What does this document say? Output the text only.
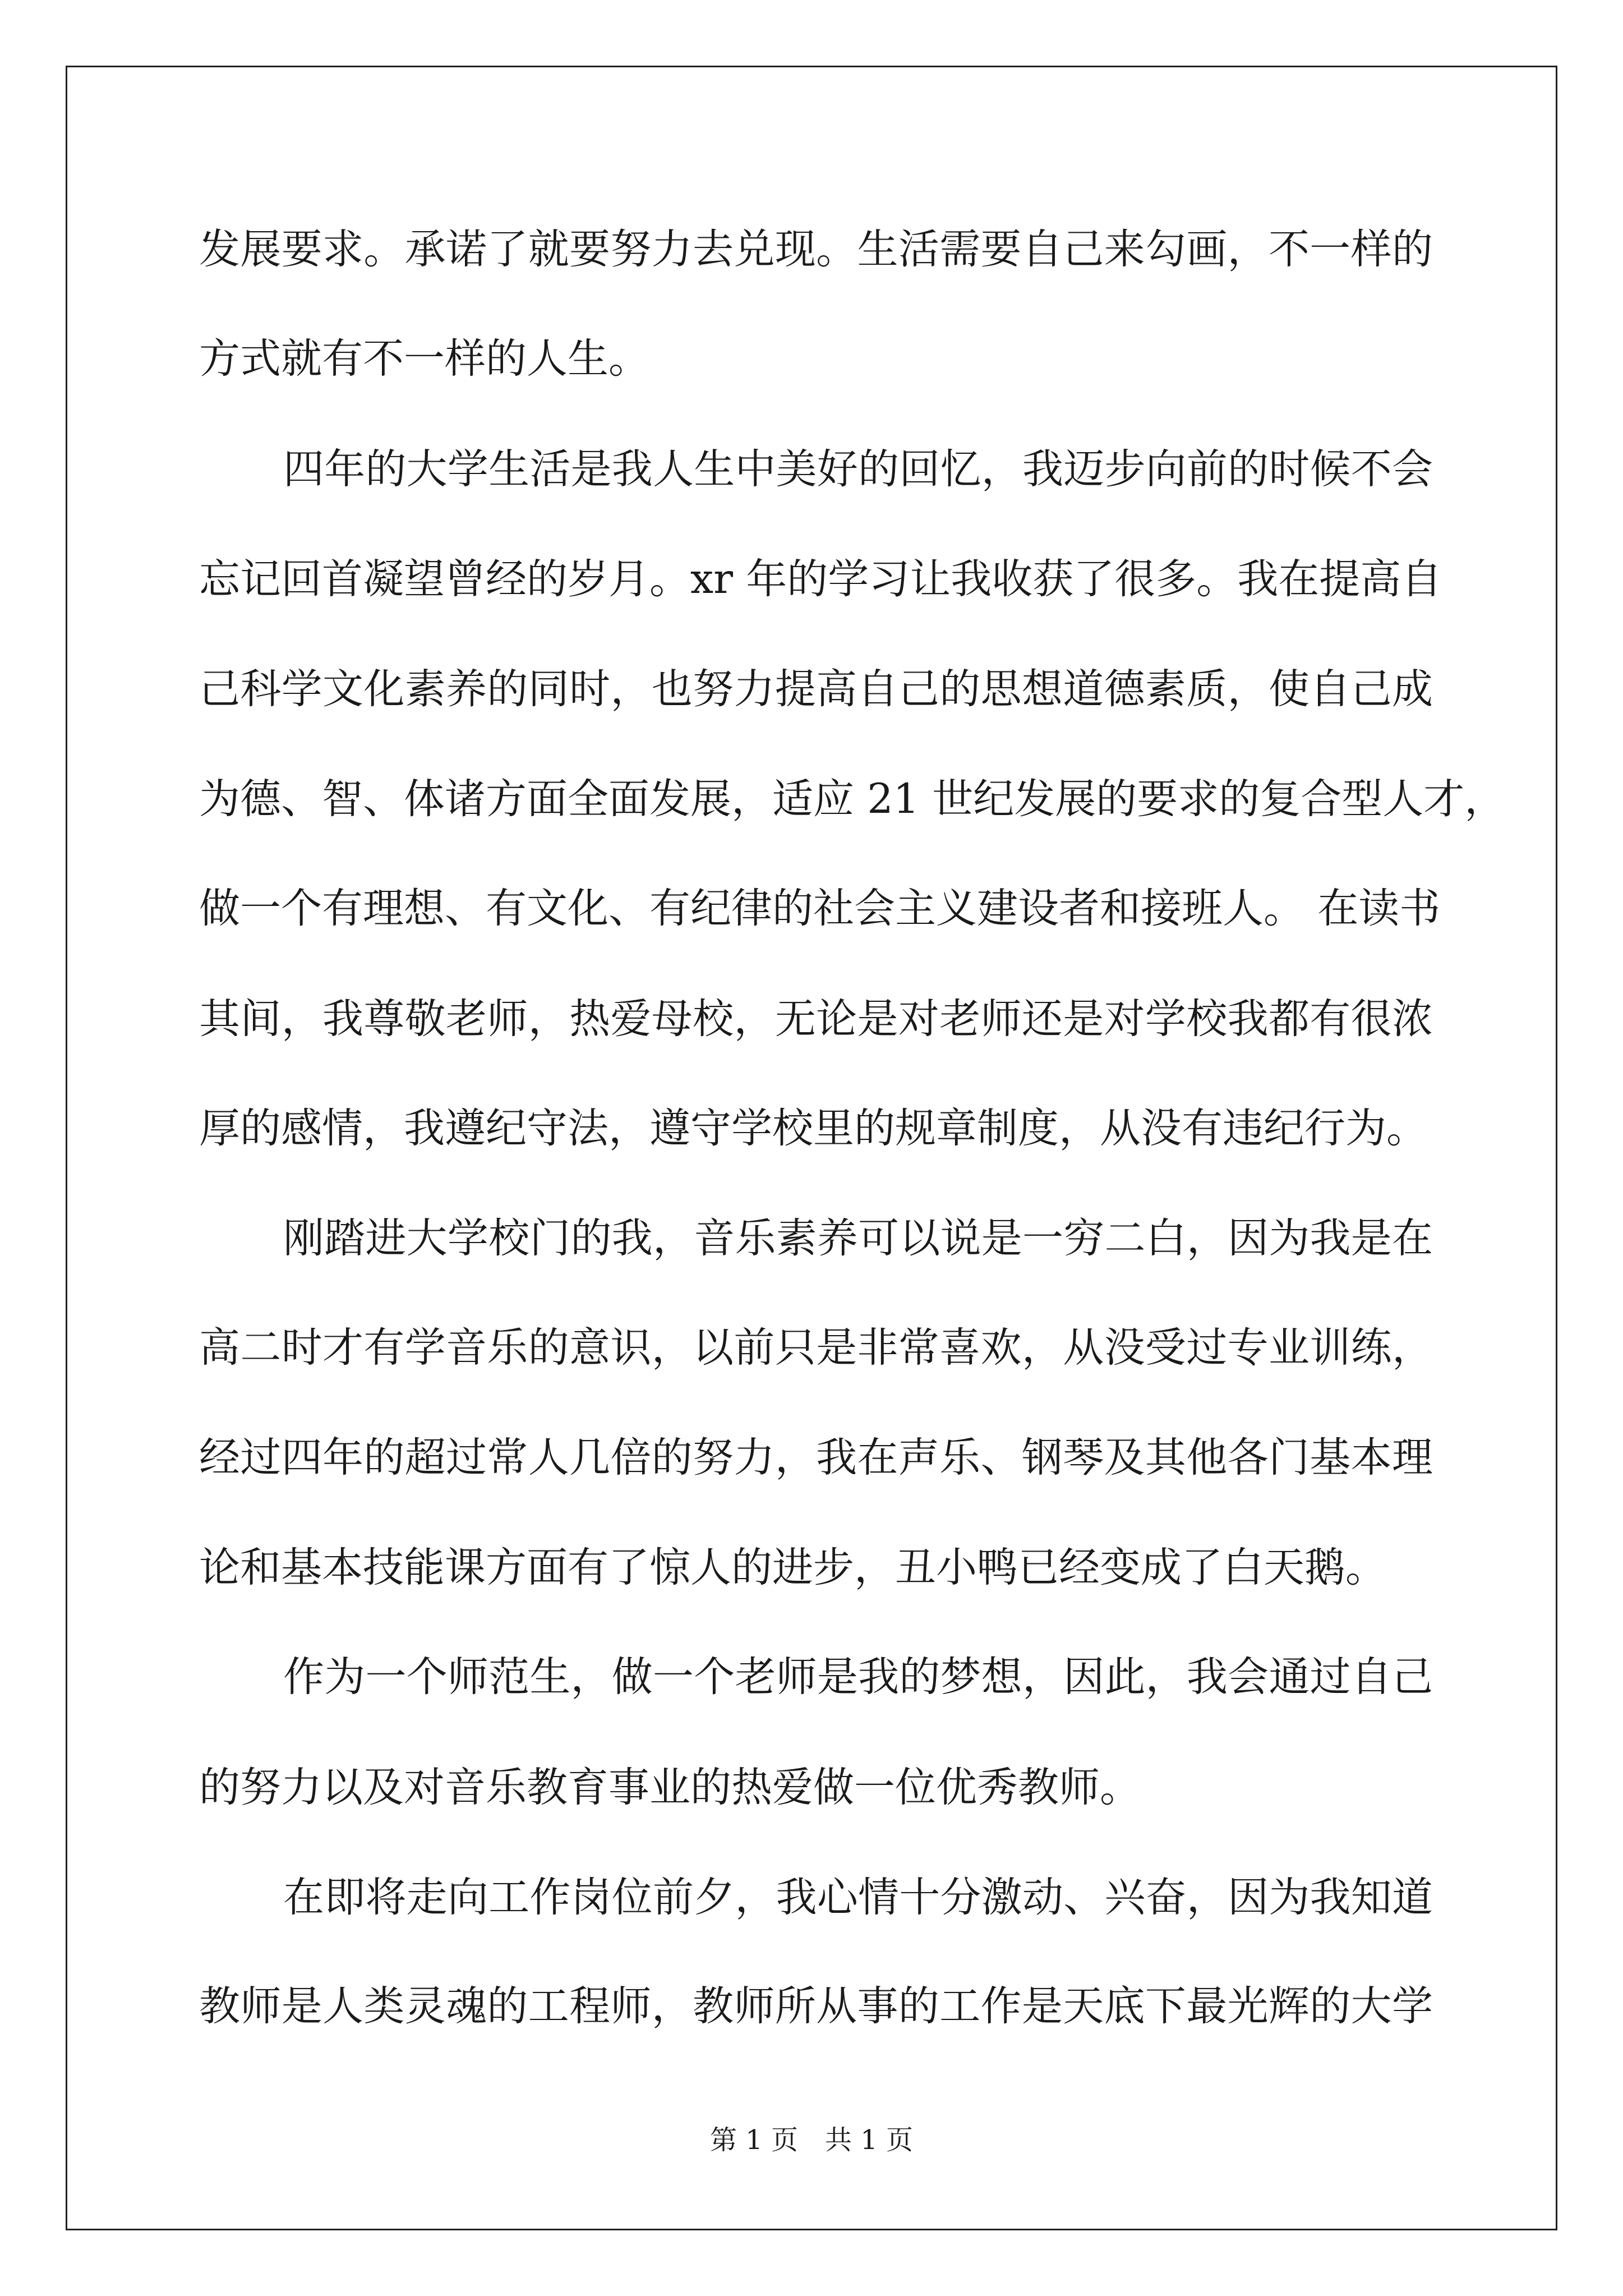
发展要求。承诺了就要努力去兑现。生活需要自己来勾画，不一样的
方式就有不一样的人生。
四年的大学生活是我人生中美好的回忆，我迈步向前的时候不会
忘记回首凝望曾经的岁月。xr 年的学习让我收获了很多。我在提高自
己科学文化素养的同时，也努力提高自己的思想道德素质，使自己成
为德、智、体诸方面全面发展，适应 21 世纪发展的要求的复合型人才，
做一个有理想、有文化、有纪律的社会主义建设者和接班人。 在读书
其间，我尊敬老师，热爱母校，无论是对老师还是对学校我都有很浓
厚的感情，我遵纪守法，遵守学校里的规章制度，从没有违纪行为。
刚踏进大学校门的我，音乐素养可以说是一穷二白，因为我是在
高二时才有学音乐的意识，以前只是非常喜欢，从没受过专业训练，
经过四年的超过常人几倍的努力，我在声乐、钢琴及其他各门基本理
论和基本技能课方面有了惊人的进步，丑小鸭已经变成了白天鹅。
作为一个师范生，做一个老师是我的梦想，因此，我会通过自己
的努力以及对音乐教育事业的热爱做一位优秀教师。
在即将走向工作岗位前夕，我心情十分激动、兴奋，因为我知道
教师是人类灵魂的工程师，教师所从事的工作是天底下最光辉的大学
第 1 页　共 1 页
